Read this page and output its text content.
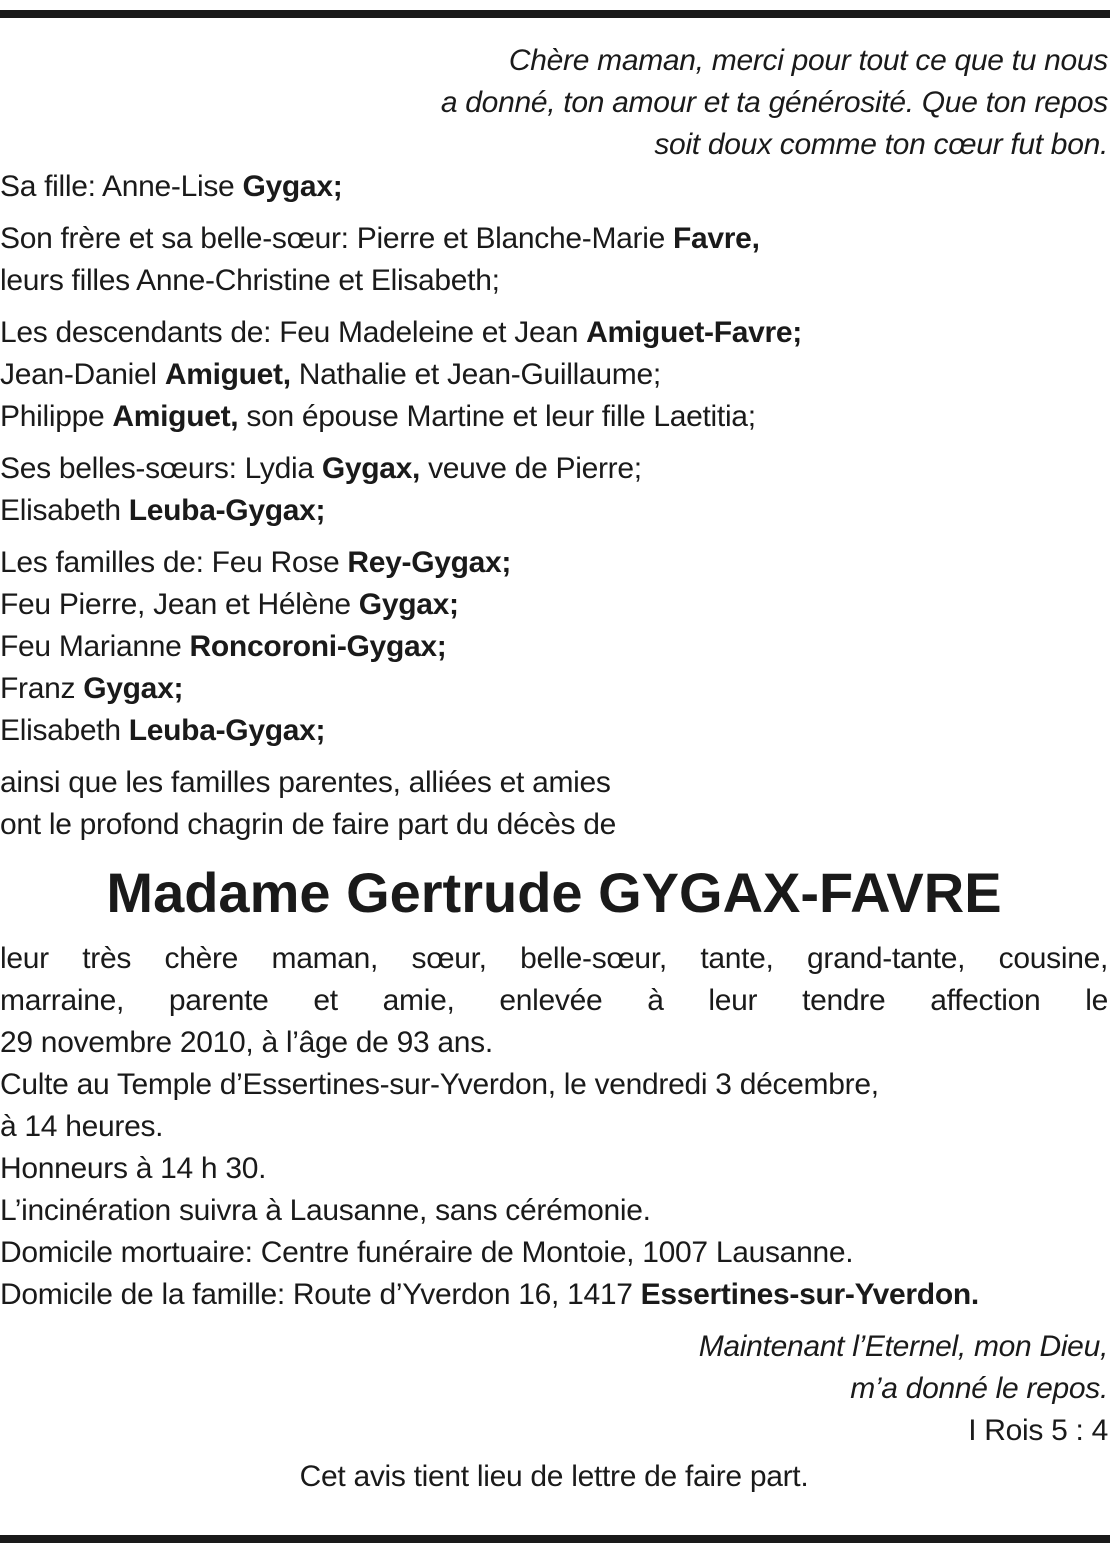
Chère maman, merci pour tout ce que tu nous
a donné, ton amour et ta générosité. Que ton repos
soit doux comme ton cœur fut bon.
Sa fille: Anne-Lise Gygax;
Son frère et sa belle-sœur: Pierre et Blanche-Marie Favre,
leurs filles Anne-Christine et Elisabeth;
Les descendants de: Feu Madeleine et Jean Amiguet-Favre;
Jean-Daniel Amiguet, Nathalie et Jean-Guillaume;
Philippe Amiguet, son épouse Martine et leur fille Laetitia;
Ses belles-sœurs: Lydia Gygax, veuve de Pierre;
Elisabeth Leuba-Gygax;
Les familles de: Feu Rose Rey-Gygax;
Feu Pierre, Jean et Hélène Gygax;
Feu Marianne Roncoroni-Gygax;
Franz Gygax;
Elisabeth Leuba-Gygax;
ainsi que les familles parentes, alliées et amies
ont le profond chagrin de faire part du décès de
Madame Gertrude GYGAX-FAVRE
leur très chère maman, sœur, belle-sœur, tante, grand-tante, cousine,
marraine, parente et amie, enlevée à leur tendre affection le
29 novembre 2010, à l’âge de 93 ans.
Culte au Temple d’Essertines-sur-Yverdon, le vendredi 3 décembre,
à 14 heures.
Honneurs à 14 h 30.
L’incinération suivra à Lausanne, sans cérémonie.
Domicile mortuaire: Centre funéraire de Montoie, 1007 Lausanne.
Domicile de la famille: Route d’Yverdon 16, 1417 Essertines-sur-Yverdon.
Maintenant l’Eternel, mon Dieu,
m’a donné le repos.
I Rois 5 : 4
Cet avis tient lieu de lettre de faire part.
